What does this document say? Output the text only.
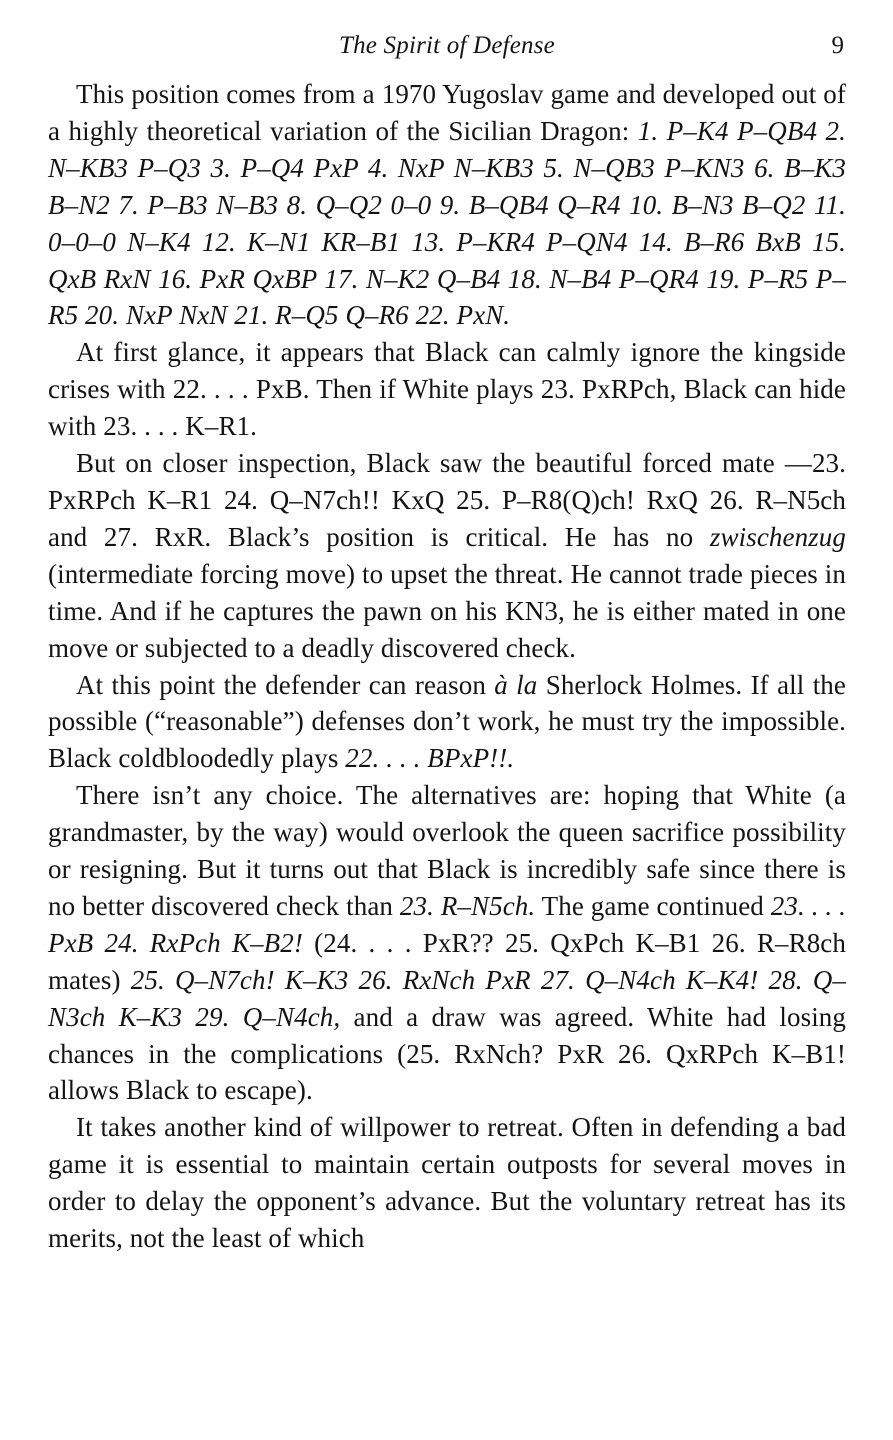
The Spirit of Defense	9

This position comes from a 1970 Yugoslav game and developed out of a highly theoretical variation of the Sicilian Dragon: 1. P–K4 P–QB4 2. N–KB3 P–Q3 3. P–Q4 PxP 4. NxP N–KB3 5. N–QB3 P–KN3 6. B–K3 B–N2 7. P–B3 N–B3 8. Q–Q2 0–0 9. B–QB4 Q–R4 10. B–N3 B–Q2 11. 0–0–0 N–K4 12. K–N1 KR–B1 13. P–KR4 P–QN4 14. B–R6 BxB 15. QxB RxN 16. PxR QxBP 17. N–K2 Q–B4 18. N–B4 P–QR4 19. P–R5 P–R5 20. NxP NxN 21. R–Q5 Q–R6 22. PxN.

At first glance, it appears that Black can calmly ignore the kingside crises with 22. . . . PxB. Then if White plays 23. PxRPch, Black can hide with 23. . . . K–R1.

But on closer inspection, Black saw the beautiful forced mate —23. PxRPch K–R1 24. Q–N7ch!! KxQ 25. P–R8(Q)ch! RxQ 26. R–N5ch and 27. RxR. Black’s position is critical. He has no zwischenzug (intermediate forcing move) to upset the threat. He cannot trade pieces in time. And if he captures the pawn on his KN3, he is either mated in one move or subjected to a deadly discovered check.

At this point the defender can reason à la Sherlock Holmes. If all the possible (“reasonable”) defenses don’t work, he must try the impossible. Black coldbloodedly plays 22. . . . BPxP!!.

There isn’t any choice. The alternatives are: hoping that White (a grandmaster, by the way) would overlook the queen sacrifice possibility or resigning. But it turns out that Black is incredibly safe since there is no better discovered check than 23. R–N5ch. The game continued 23. . . . PxB 24. RxPch K–B2! (24. . . . PxR?? 25. QxPch K–B1 26. R–R8ch mates) 25. Q–N7ch! K–K3 26. RxNch PxR 27. Q–N4ch K–K4! 28. Q–N3ch K–K3 29. Q–N4ch, and a draw was agreed. White had losing chances in the complications (25. RxNch? PxR 26. QxRPch K–B1! allows Black to escape).

It takes another kind of willpower to retreat. Often in defending a bad game it is essential to maintain certain outposts for several moves in order to delay the opponent’s advance. But the voluntary retreat has its merits, not the least of which
